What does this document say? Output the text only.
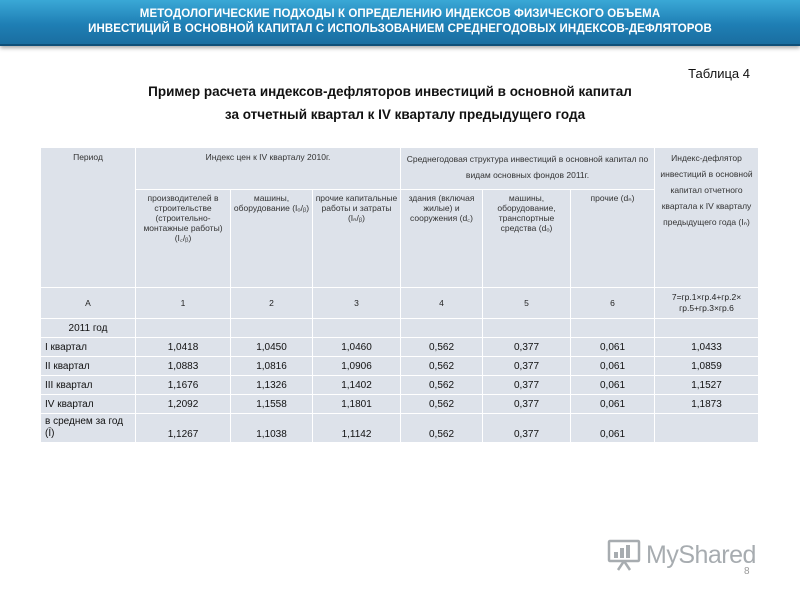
МЕТОДОЛОГИЧЕСКИЕ ПОДХОДЫ К ОПРЕДЕЛЕНИЮ ИНДЕКСОВ ФИЗИЧЕСКОГО ОБЪЕМА
ИНВЕСТИЦИЙ В ОСНОВНОЙ КАПИТАЛ С ИСПОЛЬЗОВАНИЕМ СРЕДНЕГОДОВЫХ ИНДЕКСОВ-ДЕФЛЯТОРОВ
Таблица 4
Пример расчета индексов-дефляторов инвестиций в основной капитал
за отчетный квартал к IV кварталу предыдущего года
Период	Индекс цен к IV кварталу 2010г.			Среднегодовая структура инвестиций в основной капитал по видам основных фондов 2011г.			Индекс-дефлятор инвестиций в основной капитал отчетного квартала к IV кварталу предыдущего года (Iₙ)
	производителей в строительстве (строительно-монтажные работы) (I꜀/ᵦ)	машины, оборудование (Iₒ/ᵦ)	прочие капитальные работы и затраты (Iₙ/ᵦ)	здания (включая жилые) и сооружения (d꜀)	машины, оборудование, транспортные средства (dₒ)	прочие (dₙ)	
А	1	2	3	4	5	6	7=гр.1×гр.4+гр.2× гр.5+гр.3×гр.6
2011 год							
I квартал	1,0418	1,0450	1,0460	0,562	0,377	0,061	1,0433
II квартал	1,0883	1,0816	1,0906	0,562	0,377	0,061	1,0859
III квартал	1,1676	1,1326	1,1402	0,562	0,377	0,061	1,1527
IV квартал	1,2092	1,1558	1,1801	0,562	0,377	0,061	1,1873
в среднем за год (Ī)	1,1267	1,1038	1,1142	0,562	0,377	0,061	
MyShared
8
